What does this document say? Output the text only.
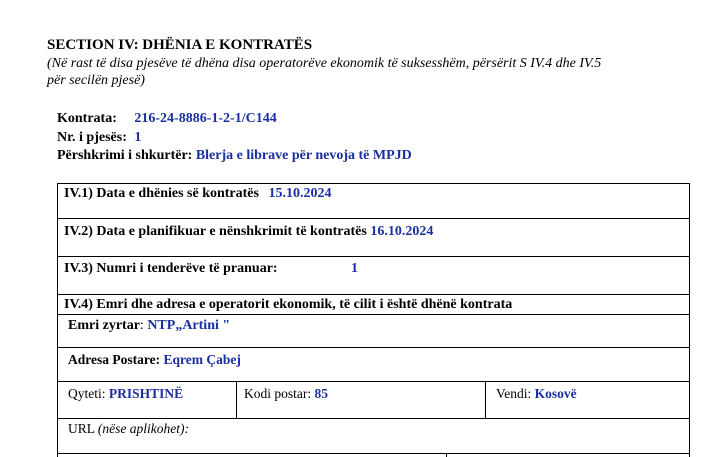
SECTION IV: DHËNIA E KONTRATËS
(Në rast të disa pjesëve të dhëna disa operatorëve ekonomik të suksesshëm, përsërit S IV.4 dhe IV.5
për secilën pjesë)
Kontrata: 216-24-8886-1-2-1/C144
Nr. i pjesës: 1
Përshkrimi i shkurtër: Blerja e librave për nevoja të MPJD
IV.1) Data e dhënies së kontratës 15.10.2024
IV.2) Data e planifikuar e nënshkrimit të kontratës 16.10.2024
IV.3) Numri i tenderëve të pranuar:	1
IV.4) Emri dhe adresa e operatorit ekonomik, të cilit i është dhënë kontrata
Emri zyrtar: NTP„Artini "
Adresa Postare: Eqrem Çabej
Qyteti: PRISHTINË	Kodi postar: 85	Vendi: Kosovë
URL (nëse aplikohet):
